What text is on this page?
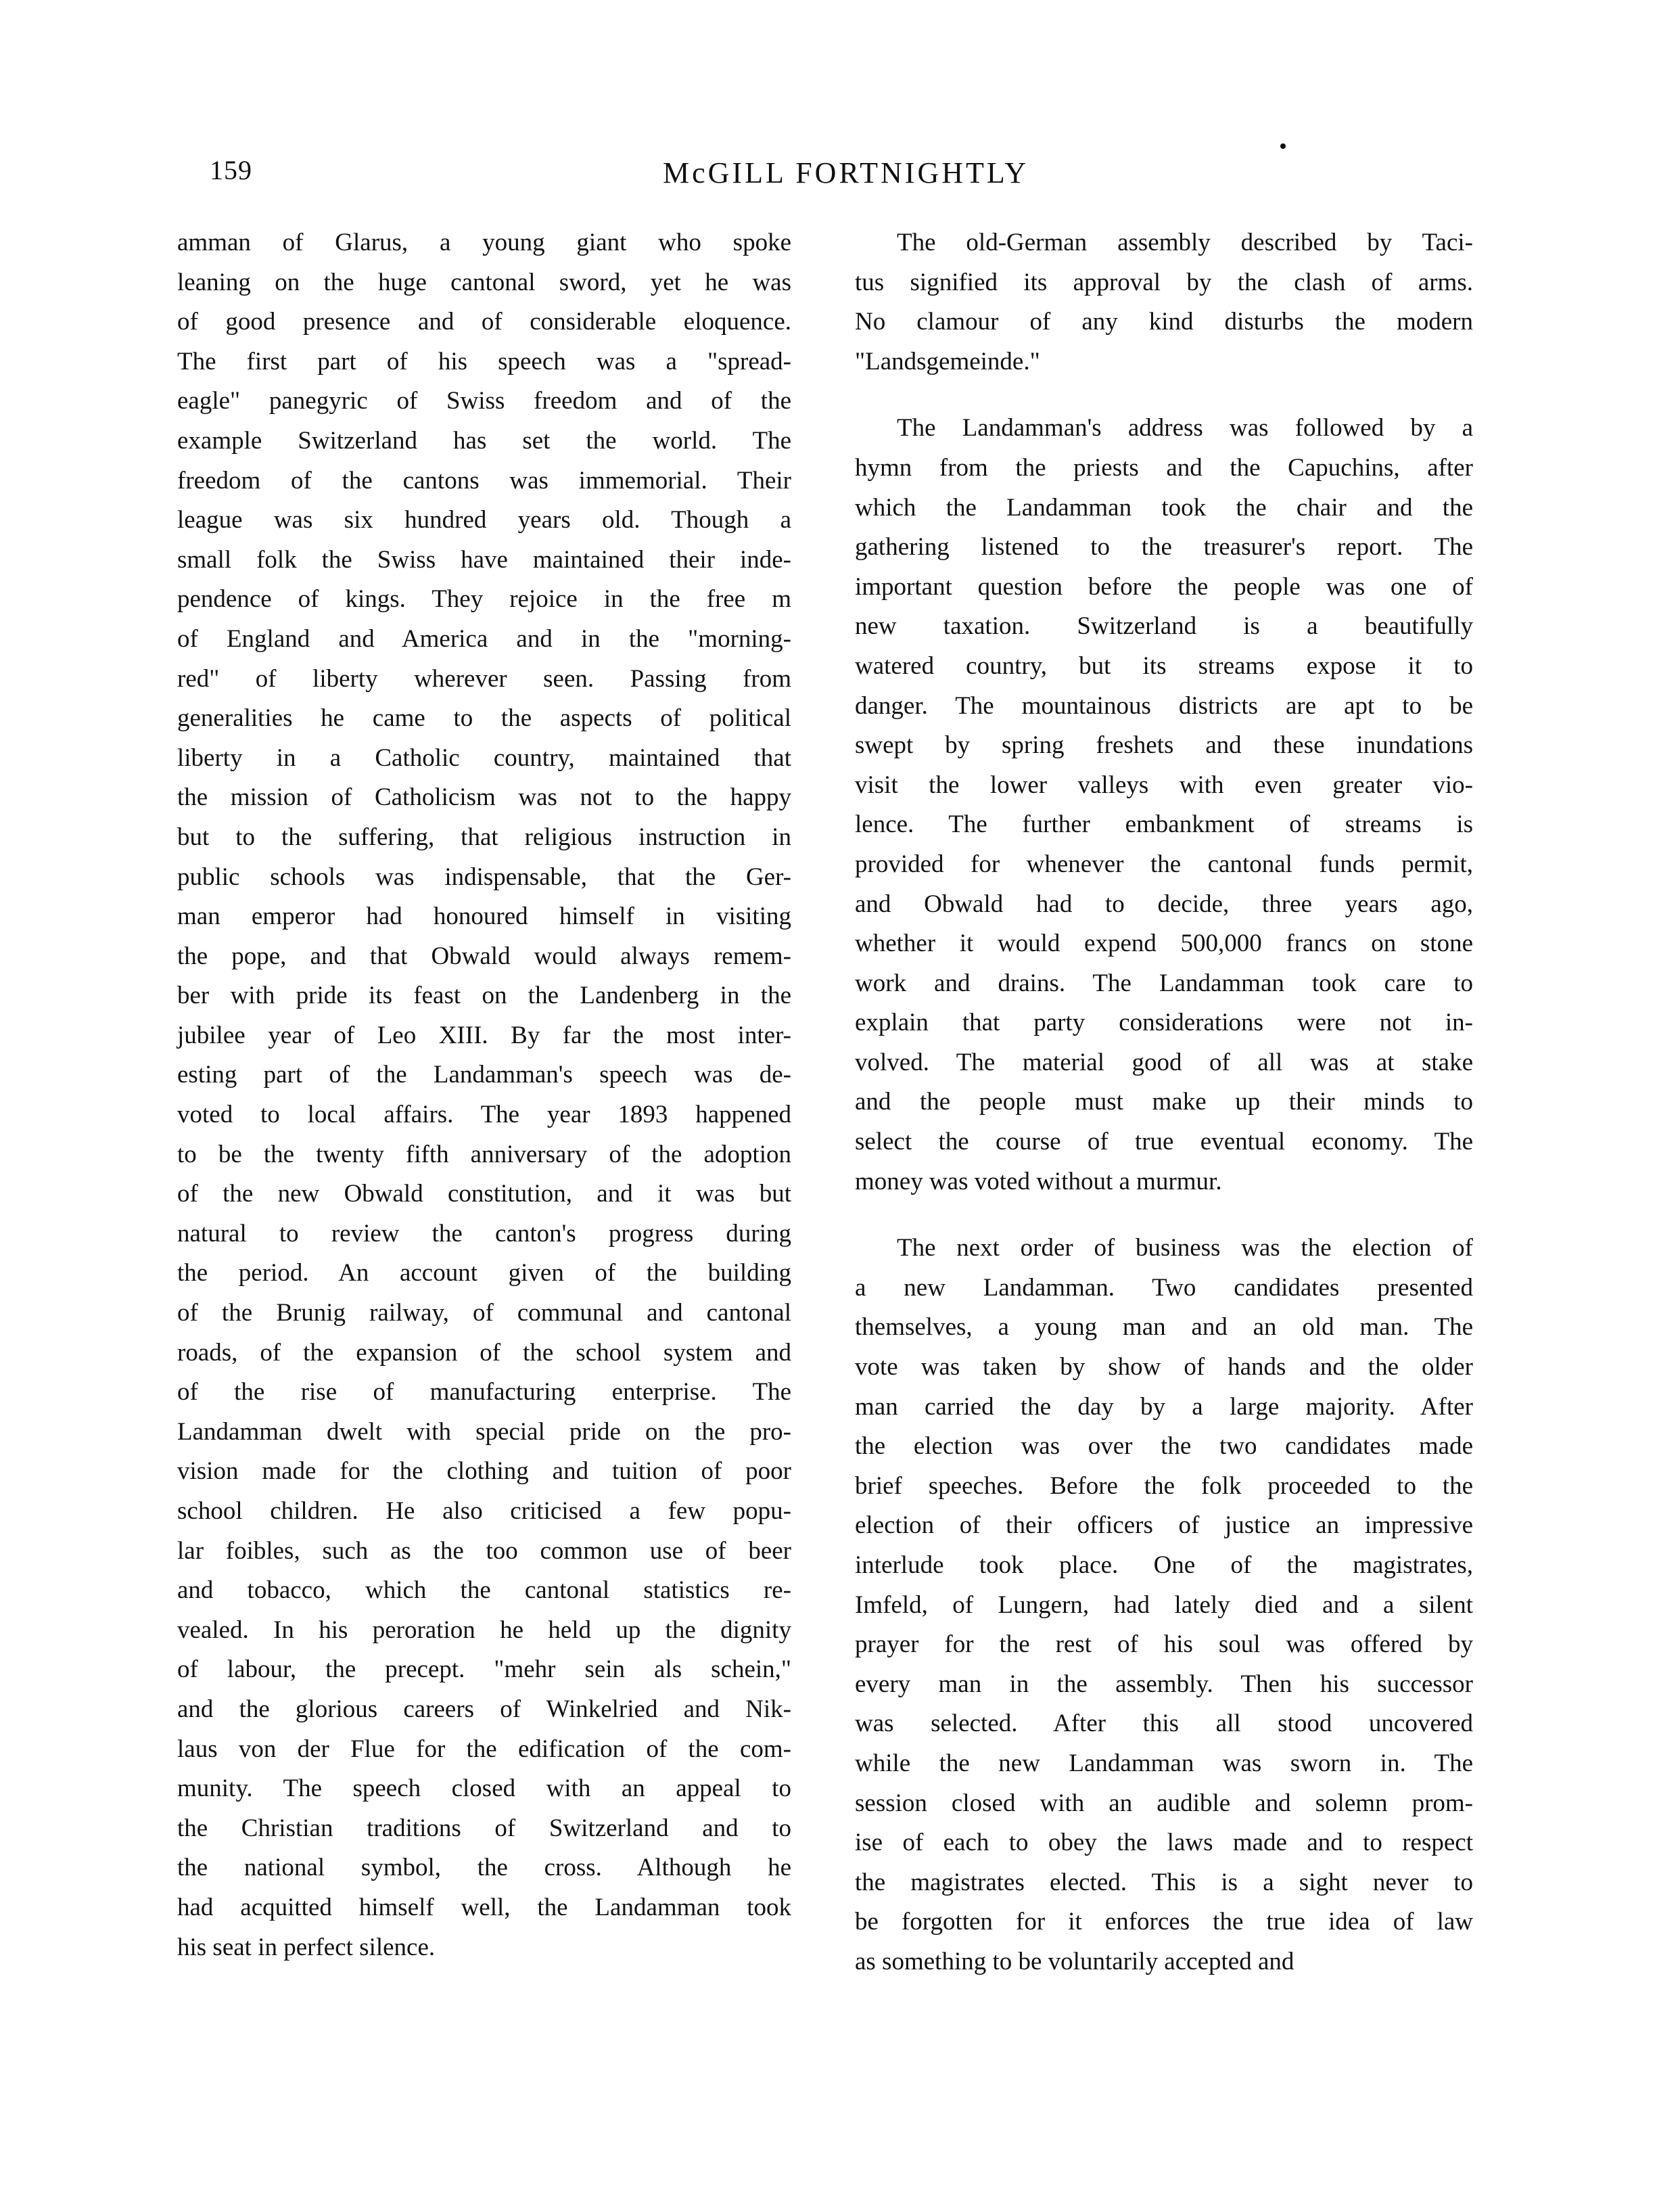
159	McGILL FORTNIGHTLY
amman of Glarus, a young giant who spoke
leaning on the huge cantonal sword, yet he was
of good presence and of considerable eloquence.
The first part of his speech was a "spread-
eagle" panegyric of Swiss freedom and of the
example Switzerland has set the world. The
freedom of the cantons was immemorial. Their
league was six hundred years old. Though a
small folk the Swiss have maintained their inde-
pendence of kings. They rejoice in the free m
of England and America and in the "morning-
red" of liberty wherever seen. Passing from
generalities he came to the aspects of political
liberty in a Catholic country, maintained that
the mission of Catholicism was not to the happy
but to the suffering, that religious instruction in
public schools was indispensable, that the Ger-
man emperor had honoured himself in visiting
the pope, and that Obwald would always remem-
ber with pride its feast on the Landenberg in the
jubilee year of Leo XIII. By far the most inter-
esting part of the Landamman's speech was de-
voted to local affairs. The year 1893 happened
to be the twenty fifth anniversary of the adoption
of the new Obwald constitution, and it was but
natural to review the canton's progress during
the period. An account given of the building
of the Brunig railway, of communal and cantonal
roads, of the expansion of the school system and
of the rise of manufacturing enterprise. The
Landamman dwelt with special pride on the pro-
vision made for the clothing and tuition of poor
school children. He also criticised a few popu-
lar foibles, such as the too common use of beer
and tobacco, which the cantonal statistics re-
vealed. In his peroration he held up the dignity
of labour, the precept. "mehr sein als schein,"
and the glorious careers of Winkelried and Nik-
laus von der Flue for the edification of the com-
munity. The speech closed with an appeal to
the Christian traditions of Switzerland and to
the national symbol, the cross. Although he
had acquitted himself well, the Landamman took
his seat in perfect silence.
The old-German assembly described by Taci-
tus signified its approval by the clash of arms.
No clamour of any kind disturbs the modern
"Landsgemeinde."
The Landamman's address was followed by a
hymn from the priests and the Capuchins, after
which the Landamman took the chair and the
gathering listened to the treasurer's report. The
important question before the people was one of
new taxation. Switzerland is a beautifully
watered country, but its streams expose it to
danger. The mountainous districts are apt to be
swept by spring freshets and these inundations
visit the lower valleys with even greater vio-
lence. The further embankment of streams is
provided for whenever the cantonal funds permit,
and Obwald had to decide, three years ago,
whether it would expend 500,000 francs on stone
work and drains. The Landamman took care to
explain that party considerations were not in-
volved. The material good of all was at stake
and the people must make up their minds to
select the course of true eventual economy. The
money was voted without a murmur.
The next order of business was the election of
a new Landamman. Two candidates presented
themselves, a young man and an old man. The
vote was taken by show of hands and the older
man carried the day by a large majority. After
the election was over the two candidates made
brief speeches. Before the folk proceeded to the
election of their officers of justice an impressive
interlude took place. One of the magistrates,
Imfeld, of Lungern, had lately died and a silent
prayer for the rest of his soul was offered by
every man in the assembly. Then his successor
was selected. After this all stood uncovered
while the new Landamman was sworn in. The
session closed with an audible and solemn prom-
ise of each to obey the laws made and to respect
the magistrates elected. This is a sight never to
be forgotten for it enforces the true idea of law
as something to be voluntarily accepted and
